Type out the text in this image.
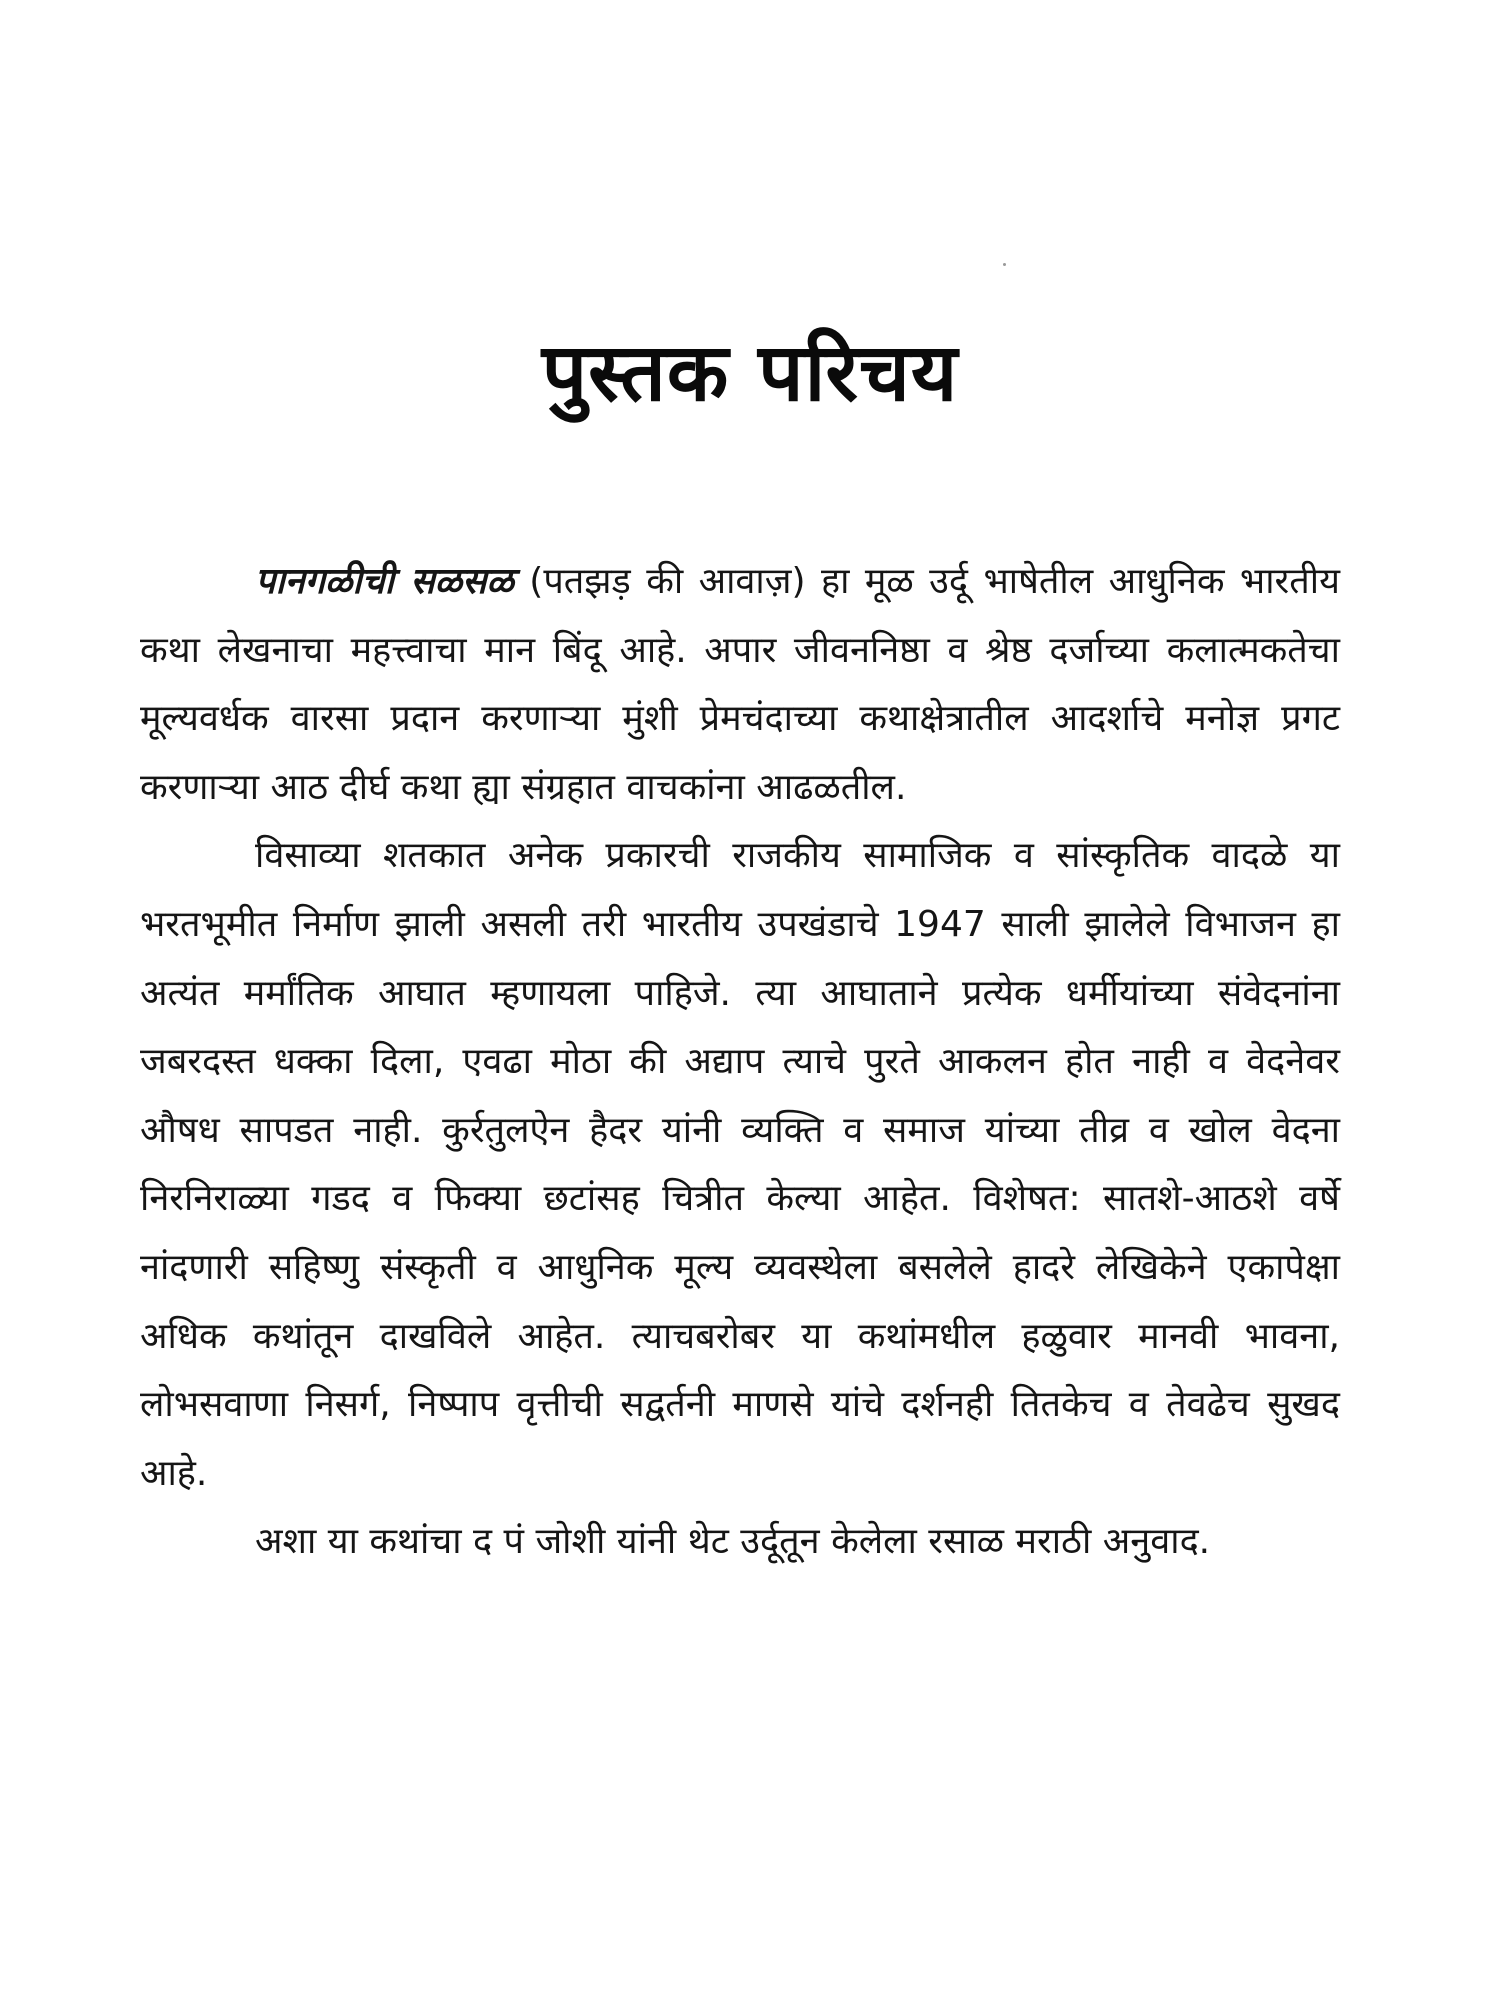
पुस्तक परिचय

पानगळीची सळसळ (पतझड़ की आवाज़) हा मूळ उर्दू भाषेतील आधुनिक भारतीय कथा लेखनाचा महत्त्वाचा मान बिंदू आहे. अपार जीवननिष्ठा व श्रेष्ठ दर्जाच्या कलात्मकतेचा मूल्यवर्धक वारसा प्रदान करणाऱ्या मुंशी प्रेमचंदाच्या कथाक्षेत्रातील आदर्शाचे मनोज्ञ प्रगट करणाऱ्या आठ दीर्घ कथा ह्या संग्रहात वाचकांना आढळतील.

विसाव्या शतकात अनेक प्रकारची राजकीय सामाजिक व सांस्कृतिक वादळे या भरतभूमीत निर्माण झाली असली तरी भारतीय उपखंडाचे 1947 साली झालेले विभाजन हा अत्यंत मर्मांतिक आघात म्हणायला पाहिजे. त्या आघाताने प्रत्येक धर्मीयांच्या संवेदनांना जबरदस्त धक्का दिला, एवढा मोठा की अद्याप त्याचे पुरते आकलन होत नाही व वेदनेवर औषध सापडत नाही. कुर्रतुलऐन हैदर यांनी व्यक्ति व समाज यांच्या तीव्र व खोल वेदना निरनिराळ्या गडद व फिक्या छटांसह चित्रीत केल्या आहेत. विशेषत: सातशे-आठशे वर्षे नांदणारी सहिष्णु संस्कृती व आधुनिक मूल्य व्यवस्थेला बसलेले हादरे लेखिकेने एकापेक्षा अधिक कथांतून दाखविले आहेत. त्याचबरोबर या कथांमधील हळुवार मानवी भावना, लोभसवाणा निसर्ग, निष्पाप वृत्तीची सद्वर्तनी माणसे यांचे दर्शनही तितकेच व तेवढेच सुखद आहे.

अशा या कथांचा द पं जोशी यांनी थेट उर्दूतून केलेला रसाळ मराठी अनुवाद.
